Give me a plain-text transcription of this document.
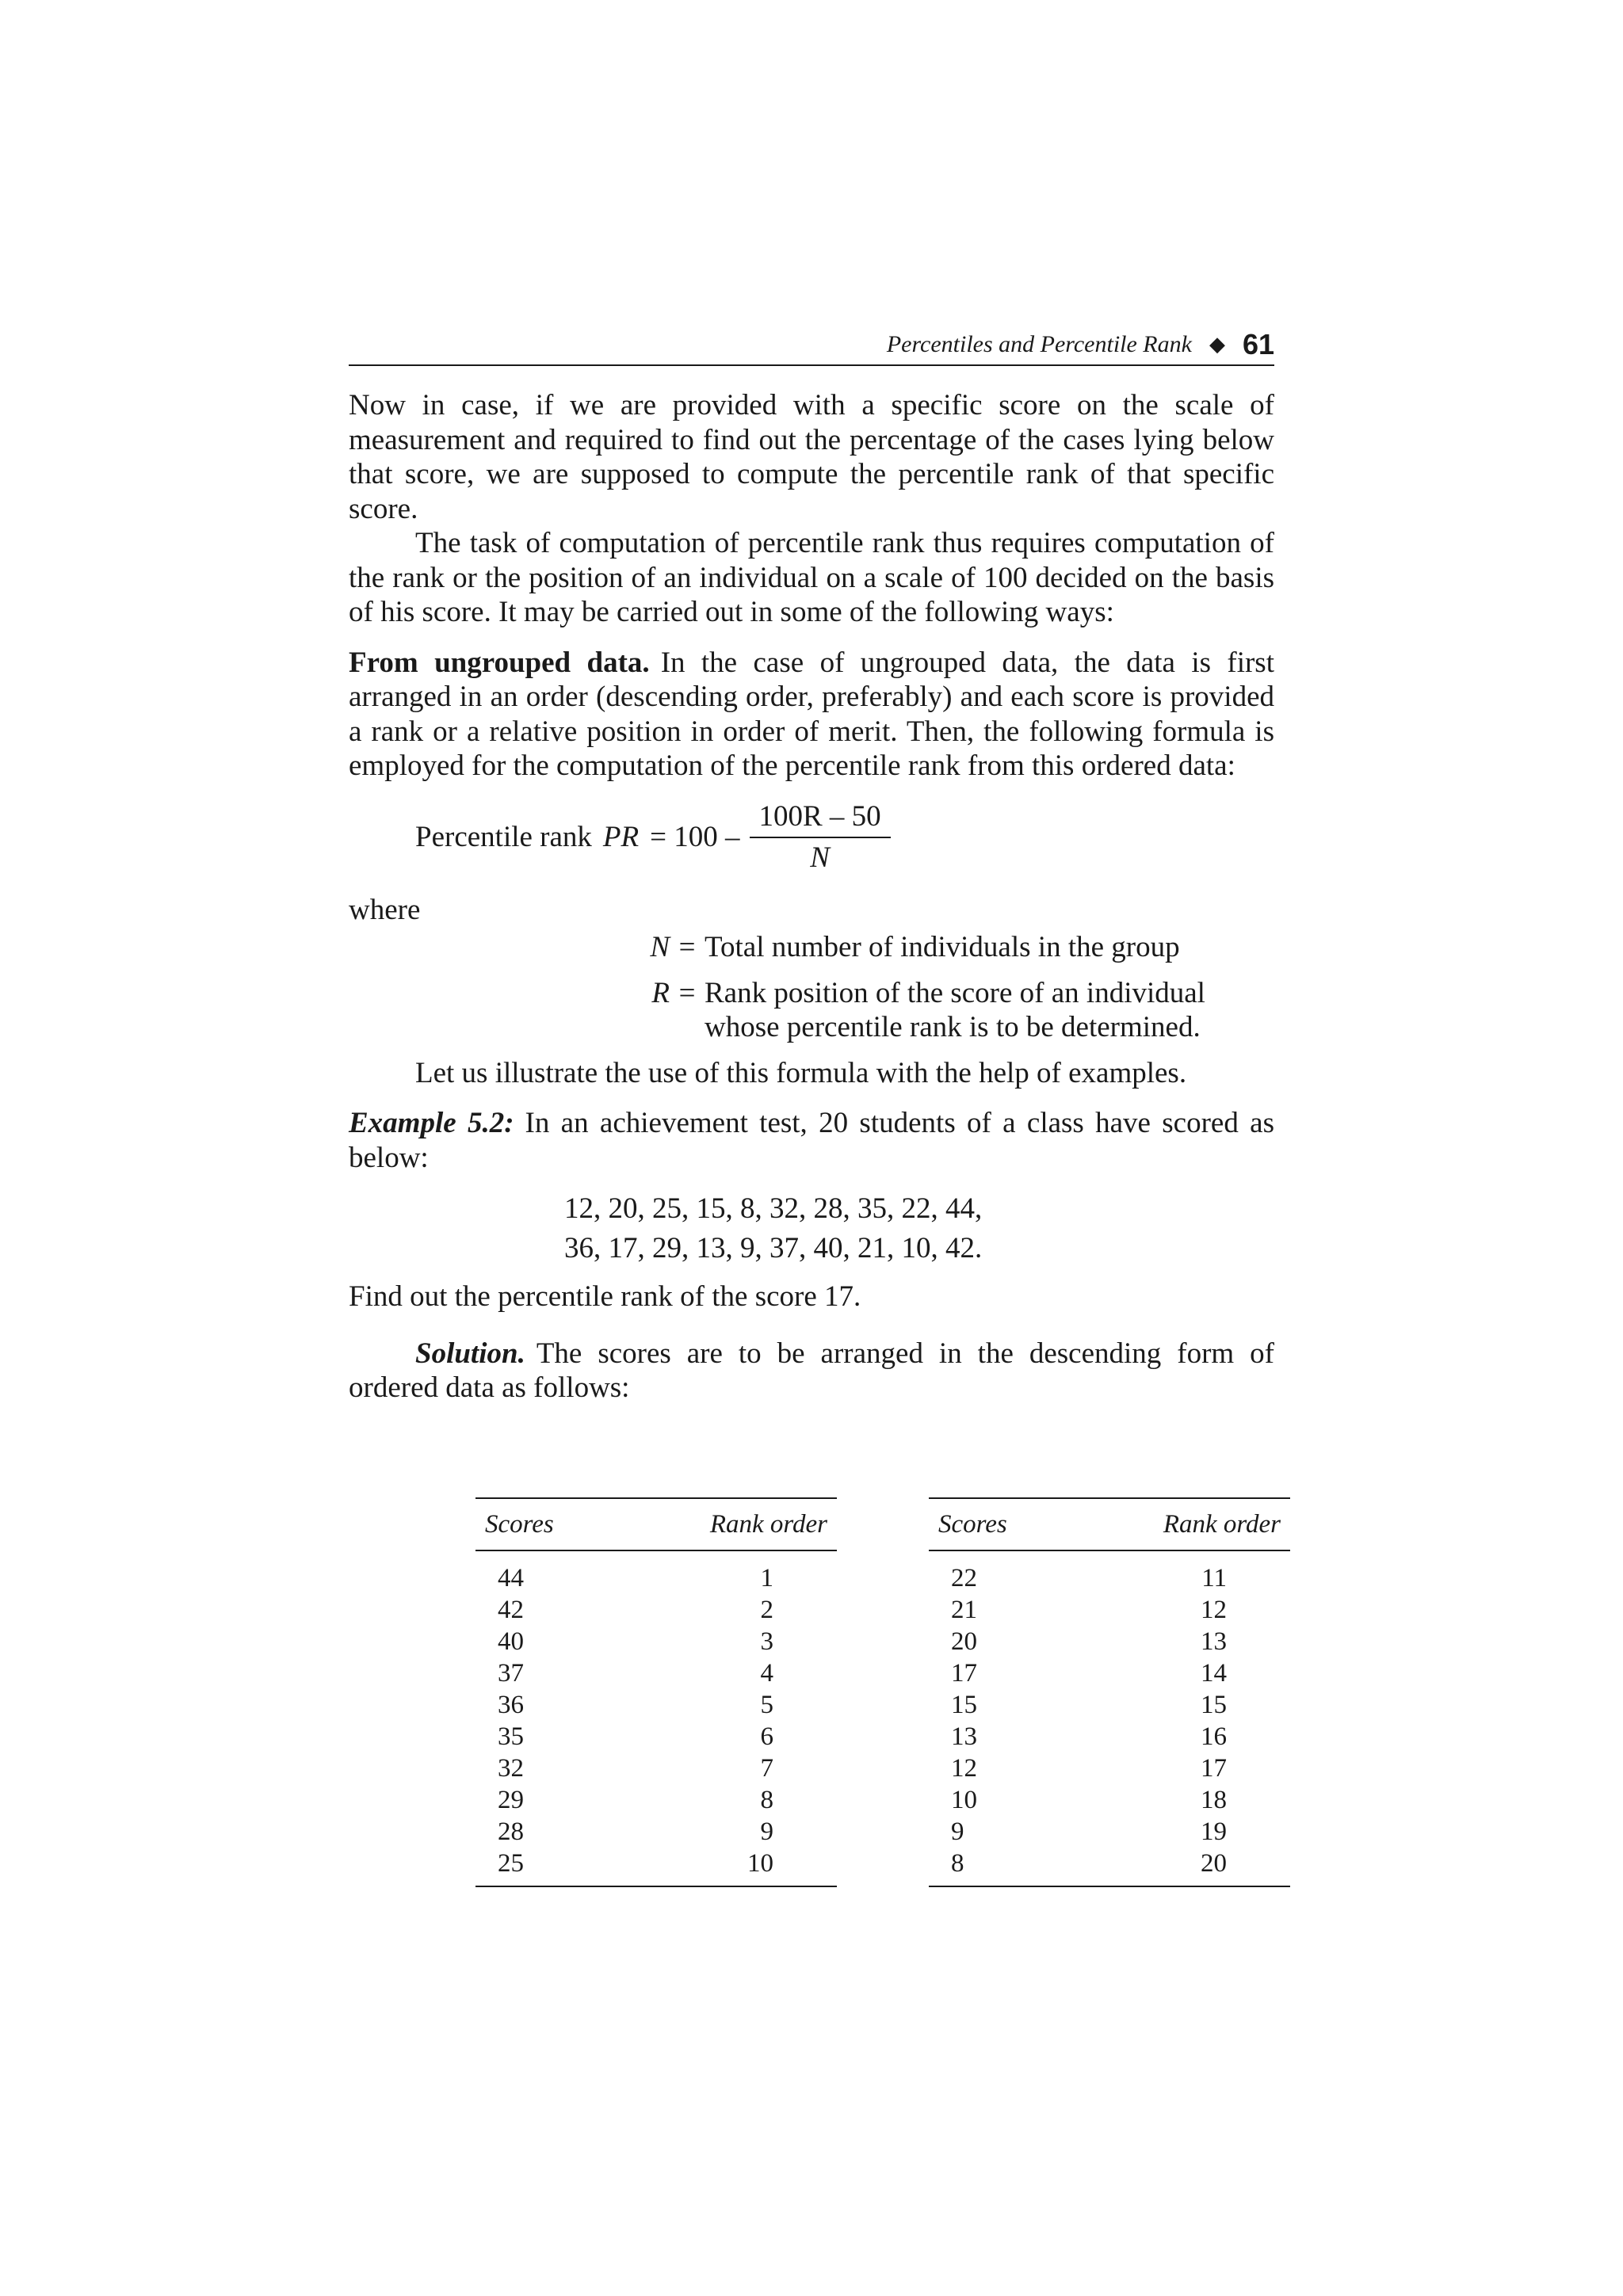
Percentiles and Percentile Rank ◆ 61

Now in case, if we are provided with a specific score on the scale of measurement and required to find out the percentage of the cases lying below that score, we are supposed to compute the percentile rank of that specific score.

The task of computation of percentile rank thus requires computation of the rank or the position of an individual on a scale of 100 decided on the basis of his score. It may be carried out in some of the following ways:

From ungrouped data. In the case of ungrouped data, the data is first arranged in an order (descending order, preferably) and each score is provided a rank or a relative position in order of merit. Then, the following formula is employed for the computation of the percentile rank from this ordered data:

Percentile rank PR = $100 - \frac{100R - 50}{N}$

where

N = Total number of individuals in the group
R = Rank position of the score of an individual whose percentile rank is to be determined.

Let us illustrate the use of this formula with the help of examples.

Example 5.2: In an achievement test, 20 students of a class have scored as below:

12, 20, 25, 15, 8, 32, 28, 35, 22, 44,
36, 17, 29, 13, 9, 37, 40, 21, 10, 42.

Find out the percentile rank of the score 17.

Solution. The scores are to be arranged in the descending form of ordered data as follows:

Scores	Rank order
44	1
42	2
40	3
37	4
36	5
35	6
32	7
29	8
28	9
25	10
Scores	Rank order
22	11
21	12
20	13
17	14
15	15
13	16
12	17
10	18
9	19
8	20
